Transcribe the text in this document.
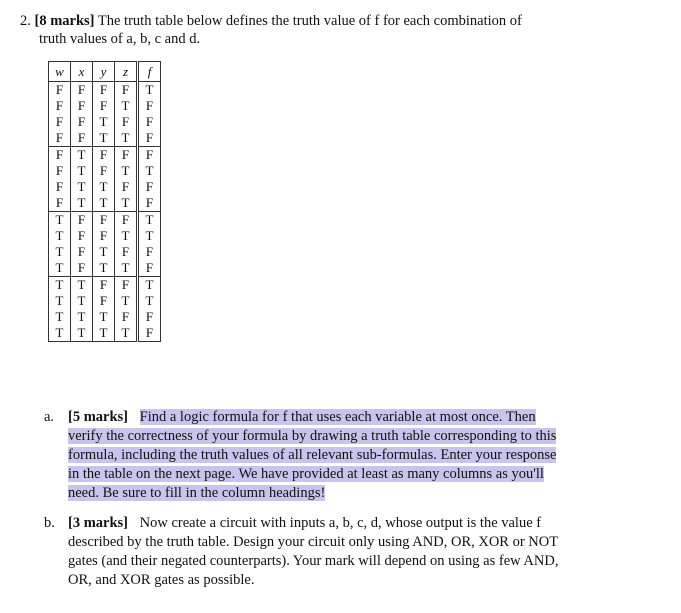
2. [8 marks] The truth table below defines the truth value of f for each combination of
truth values of a, b, c and d.
w	x	y	z	f
F	F	F	F	T
F	F	F	T	F
F	F	T	F	F
F	F	T	T	F
F	T	F	F	F
F	T	F	T	T
F	T	T	F	F
F	T	T	T	F
T	F	F	F	T
T	F	F	T	T
T	F	T	F	F
T	F	T	T	F
T	T	F	F	T
T	T	F	T	T
T	T	T	F	F
T	T	T	T	F
a. [5 marks] Find a logic formula for f that uses each variable at most once. Then
verify the correctness of your formula by drawing a truth table corresponding to this
formula, including the truth values of all relevant sub-formulas. Enter your response
in the table on the next page. We have provided at least as many columns as you'll
need. Be sure to fill in the column headings!
b. [3 marks] Now create a circuit with inputs a, b, c, d, whose output is the value f
described by the truth table. Design your circuit only using AND, OR, XOR or NOT
gates (and their negated counterparts). Your mark will depend on using as few AND,
OR, and XOR gates as possible.
